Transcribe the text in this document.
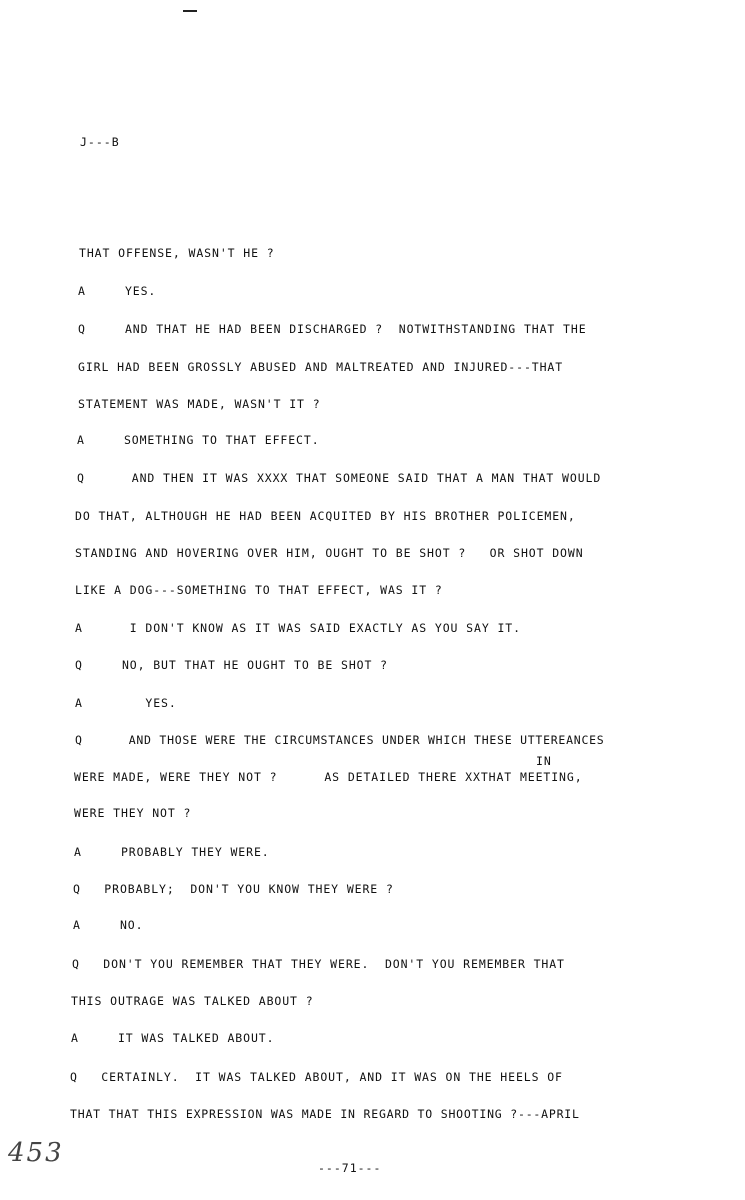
J---B
THAT OFFENSE, WASN'T HE ?
A     YES.
Q     AND THAT HE HAD BEEN DISCHARGED ?  NOTWITHSTANDING THAT THE
GIRL HAD BEEN GROSSLY ABUSED AND MALTREATED AND INJURED---THAT
STATEMENT WAS MADE, WASN'T IT ?
A     SOMETHING TO THAT EFFECT.
Q      AND THEN IT WAS XXXX THAT SOMEONE SAID THAT A MAN THAT WOULD
DO THAT, ALTHOUGH HE HAD BEEN ACQUITED BY HIS BROTHER POLICEMEN,
STANDING AND HOVERING OVER HIM, OUGHT TO BE SHOT ?   OR SHOT DOWN
LIKE A DOG---SOMETHING TO THAT EFFECT, WAS IT ?
A      I DON'T KNOW AS IT WAS SAID EXACTLY AS YOU SAY IT.
Q     NO, BUT THAT HE OUGHT TO BE SHOT ?
A        YES.
IN
Q      AND THOSE WERE THE CIRCUMSTANCES UNDER WHICH THESE UTTEREANCES
WERE MADE, WERE THEY NOT ?      AS DETAILED THERE XXTHAT MEETING,
WERE THEY NOT ?
A     PROBABLY THEY WERE.
Q   PROBABLY;  DON'T YOU KNOW THEY WERE ?
A     NO.
Q   DON'T YOU REMEMBER THAT THEY WERE.  DON'T YOU REMEMBER THAT
THIS OUTRAGE WAS TALKED ABOUT ?
A     IT WAS TALKED ABOUT.
Q   CERTAINLY.  IT WAS TALKED ABOUT, AND IT WAS ON THE HEELS OF
THAT THAT THIS EXPRESSION WAS MADE IN REGARD TO SHOOTING ?---APRIL
453	---71---
